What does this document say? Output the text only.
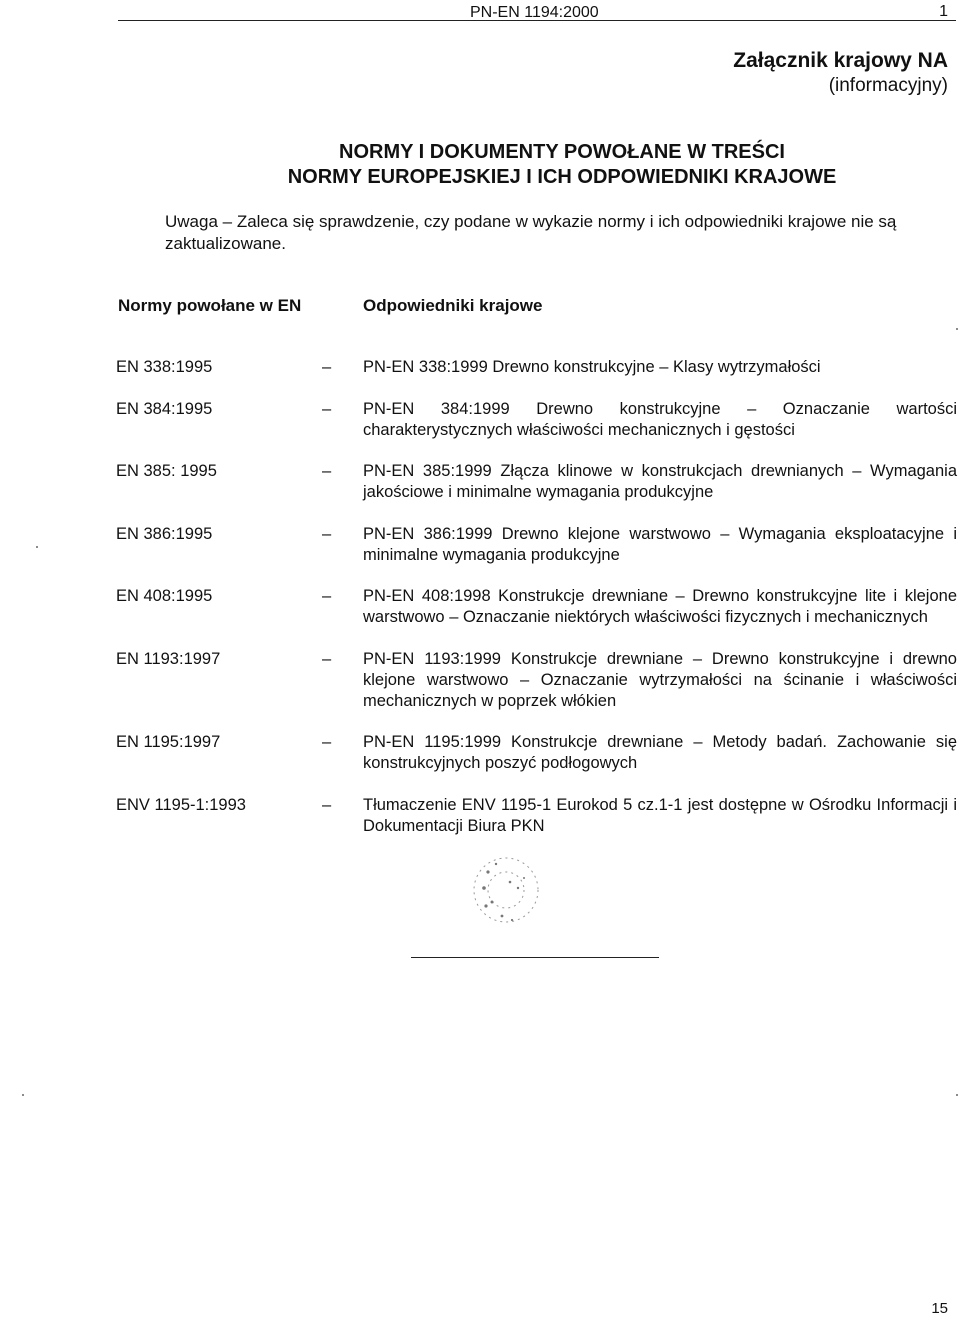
PN-EN 1194:2000	1
Załącznik krajowy NA
(informacyjny)
NORMY I DOKUMENTY POWOŁANE W TREŚCI
NORMY EUROPEJSKIEJ I ICH ODPOWIEDNIKI KRAJOWE
Uwaga – Zaleca się sprawdzenie, czy podane w wykazie normy i ich odpowiedniki krajowe nie są zaktualizowane.
Normy powołane w EN	Odpowiedniki krajowe
EN 338:1995	– PN-EN 338:1999 Drewno konstrukcyjne – Klasy wytrzymałości
EN 384:1995	– PN-EN 384:1999 Drewno konstrukcyjne – Oznaczanie wartości charakterystycznych właściwości mechanicznych i gęstości
EN 385: 1995	– PN-EN 385:1999 Złącza klinowe w konstrukcjach drewnianych – Wymagania jakościowe i minimalne wymagania produkcyjne
EN 386:1995	– PN-EN 386:1999 Drewno klejone warstwowo – Wymagania eksploatacyjne i minimalne wymagania produkcyjne
EN 408:1995	– PN-EN 408:1998 Konstrukcje drewniane – Drewno konstrukcyjne lite i klejone warstwowo – Oznaczanie niektórych właściwości fizycznych i mechanicznych
EN 1193:1997	– PN-EN 1193:1999 Konstrukcje drewniane – Drewno konstrukcyjne i drewno klejone warstwowo – Oznaczanie wytrzymałości na ścinanie i właściwości mechanicznych w poprzek włókien
EN 1195:1997	– PN-EN 1195:1999 Konstrukcje drewniane – Metody badań. Zachowanie się konstrukcyjnych poszyć podłogowych
ENV 1195-1:1993	– Tłumaczenie ENV 1195-1 Eurokod 5 cz.1-1 jest dostępne w Ośrodku Informacji i Dokumentacji Biura PKN
15
